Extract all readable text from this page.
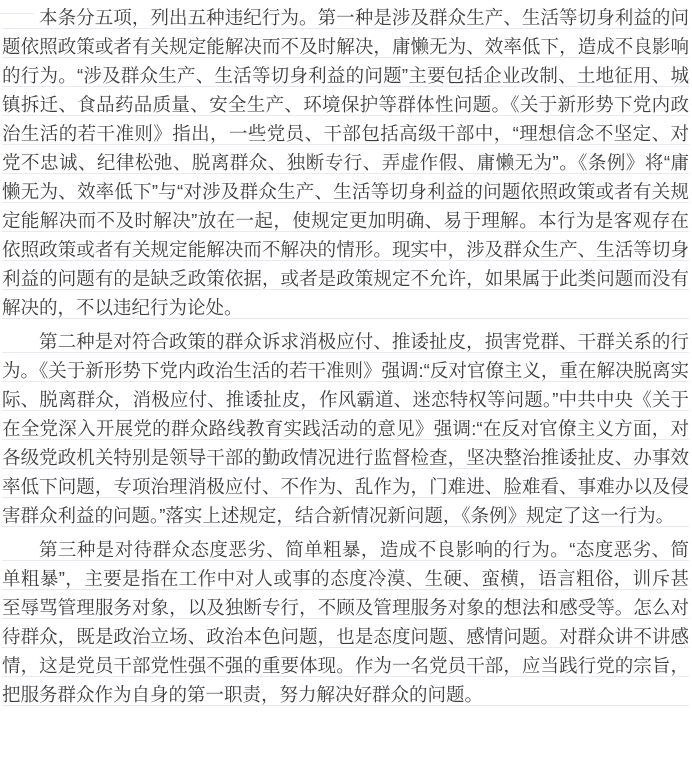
本条分五项，列出五种违纪行为。第一种是涉及群众生产、生活等切身利益的问题依照政策或者有关规定能解决而不及时解决，庸懒无为、效率低下，造成不良影响的行为。“涉及群众生产、生活等切身利益的问题”主要包括企业改制、土地征用、城镇拆迁、食品药品质量、安全生产、环境保护等群体性问题。《关于新形势下党内政治生活的若干准则》指出，一些党员、干部包括高级干部中，“理想信念不坚定、对党不忠诚、纪律松弛、脱离群众、独断专行、弄虚作假、庸懒无为”。《条例》将“庸懒无为、效率低下”与“对涉及群众生产、生活等切身利益的问题依照政策或者有关规定能解决而不及时解决”放在一起，使规定更加明确、易于理解。本行为是客观存在依照政策或者有关规定能解决而不解决的情形。现实中，涉及群众生产、生活等切身利益的问题有的是缺乏政策依据，或者是政策规定不允许，如果属于此类问题而没有解决的，不以违纪行为论处。

第二种是对符合政策的群众诉求消极应付、推诿扯皮，损害党群、干群关系的行为。《关于新形势下党内政治生活的若干准则》强调:“反对官僚主义，重在解决脱离实际、脱离群众，消极应付、推诿扯皮，作风霸道、迷恋特权等问题。”中共中央《关于在全党深入开展党的群众路线教育实践活动的意见》强调:“在反对官僚主义方面，对各级党政机关特别是领导干部的勤政情况进行监督检查，坚决整治推诿扯皮、办事效率低下问题，专项治理消极应付、不作为、乱作为，门难进、脸难看、事难办以及侵害群众利益的问题。”落实上述规定，结合新情况新问题，《条例》规定了这一行为。

第三种是对待群众态度恶劣、简单粗暴，造成不良影响的行为。“态度恶劣、简单粗暴”，主要是指在工作中对人或事的态度冷漠、生硬、蛮横，语言粗俗，训斥甚至辱骂管理服务对象，以及独断专行，不顾及管理服务对象的想法和感受等。怎么对待群众，既是政治立场、政治本色问题，也是态度问题、感情问题。对群众讲不讲感情，这是党员干部党性强不强的重要体现。作为一名党员干部，应当践行党的宗旨，把服务群众作为自身的第一职责，努力解决好群众的问题。
